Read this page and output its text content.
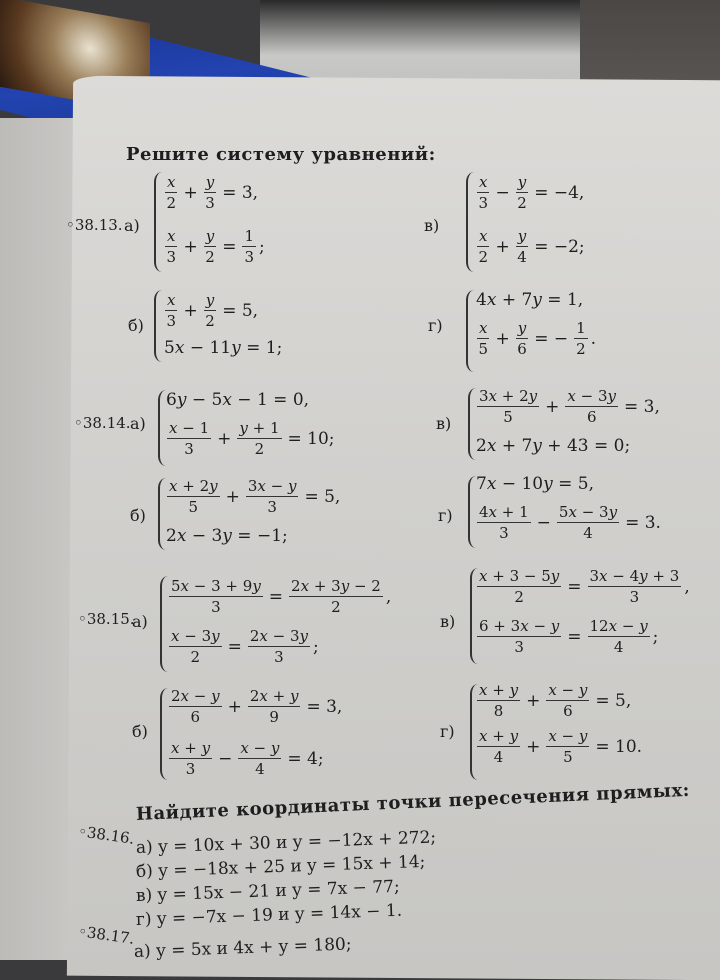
Решите систему уравнений:
◦38.13. а)
$\frac{x}{2} + \frac{y}{3} = 3$,
$\frac{x}{3} + \frac{y}{2} = \frac{1}{3}$ ;
в)
$\frac{x}{3} - \frac{y}{2} = -4$,
$\frac{x}{2} + \frac{y}{4} = -2$;
$б) \frac{x}{3} + \frac{y}{2} = 5$,
5x − 11y = 1;
г)
4x + 7y = 1,
$\frac{x}{5} + \frac{y}{6}$ = − $\frac{1}{2}$ .
◦38.14. а)
6y − 5x − 1 = 0,
$\frac{x - 1}{3} + \frac{y + 1}{2} = 10$;
$в) \frac{3x + 2y}{5} + \frac{x - 3y}{6} = 3$,
2x + 7y + 43 = 0;
$б) \frac{x + 2y}{5} + \frac{3x - y}{3} = 5$,
2x − 3y = −1;
г)
7x − 10y = 5,
$\frac{4x + 1}{3} - \frac{5x - 3y}{4} = 3$.
◦38.15.
а)
$\frac{5x - 3 + 9y}{3} = \frac{2x + 3y - 2}{2}$ ,
$\frac{x - 3y}{2} = \frac{2x - 3y}{3}$ ;
в)
$\frac{x + 3 - 5y}{2} = \frac{3x - 4y + 3}{3}$ ,
$\frac{6 + 3x - y}{3} = \frac{12x - y}{4}$ ;
б)
$\frac{2x - y}{6} + \frac{2x + y}{9} = 3$,
$\frac{x + y}{3} - \frac{x - y}{4} = 4$;
г)
$\frac{x + y}{8} + \frac{x - y}{6} = 5$,
$\frac{x + y}{4} + \frac{x - y}{5} = 10$.
Найдите координаты точки пересечения прямых:
◦38.16. а) y = 10x + 30 и y = −12x + 272;
б) y = −18x + 25 и y = 15x + 14;
в) y = 15x − 21 и y = 7x − 77;
г) y = −7x − 19 и y = 14x − 1.
◦38.17.
а) y = 5x и 4x + y = 180;
